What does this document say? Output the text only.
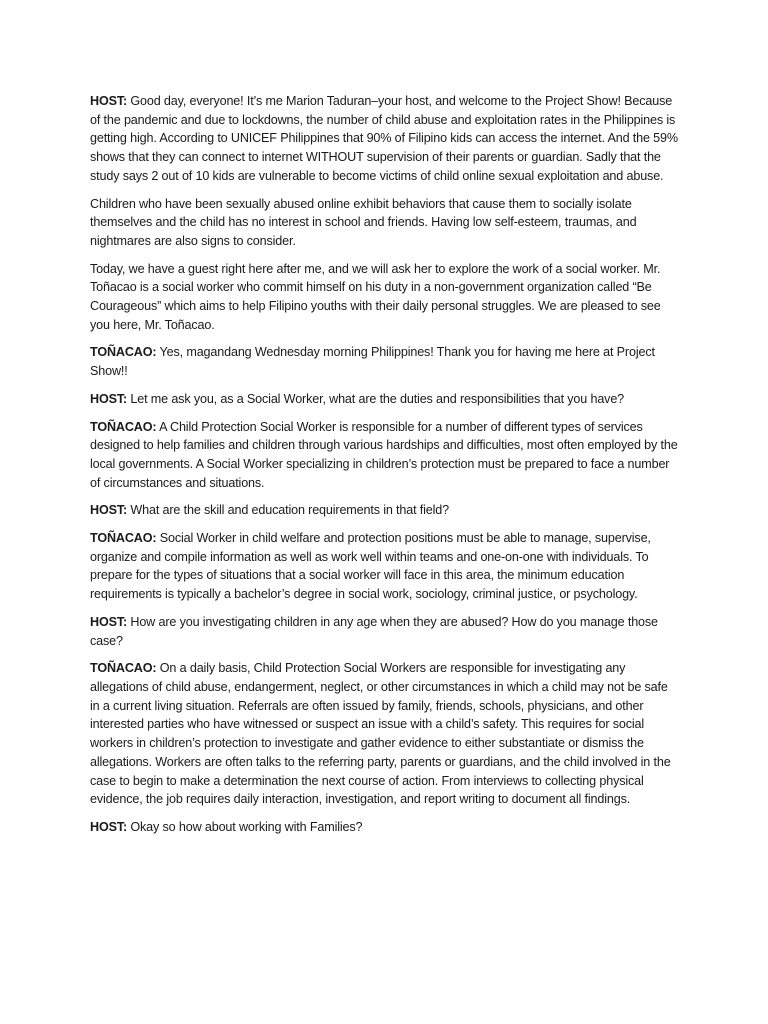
HOST: Good day, everyone! It’s me Marion Taduran–your host, and welcome to the Project Show! Because of the pandemic and due to lockdowns, the number of child abuse and exploitation rates in the Philippines is getting high. According to UNICEF Philippines that 90% of Filipino kids can access the internet. And the 59% shows that they can connect to internet WITHOUT supervision of their parents or guardian. Sadly that the study says 2 out of 10 kids are vulnerable to become victims of child online sexual exploitation and abuse.

Children who have been sexually abused online exhibit behaviors that cause them to socially isolate themselves and the child has no interest in school and friends. Having low self-esteem, traumas, and nightmares are also signs to consider.

Today, we have a guest right here after me, and we will ask her to explore the work of a social worker. Mr. Toñacao is a social worker who commit himself on his duty in a non-government organization called “Be Courageous” which aims to help Filipino youths with their daily personal struggles. We are pleased to see you here, Mr. Toñacao.

TOÑACAO: Yes, magandang Wednesday morning Philippines! Thank you for having me here at Project Show!!

HOST: Let me ask you, as a Social Worker, what are the duties and responsibilities that you have?

TOÑACAO: A Child Protection Social Worker is responsible for a number of different types of services designed to help families and children through various hardships and difficulties, most often employed by the local governments. A Social Worker specializing in children’s protection must be prepared to face a number of circumstances and situations.

HOST: What are the skill and education requirements in that field?

TOÑACAO: Social Worker in child welfare and protection positions must be able to manage, supervise, organize and compile information as well as work well within teams and one-on-one with individuals. To prepare for the types of situations that a social worker will face in this area, the minimum education requirements is typically a bachelor’s degree in social work, sociology, criminal justice, or psychology.

HOST: How are you investigating children in any age when they are abused? How do you manage those case?

TOÑACAO: On a daily basis, Child Protection Social Workers are responsible for investigating any allegations of child abuse, endangerment, neglect, or other circumstances in which a child may not be safe in a current living situation. Referrals are often issued by family, friends, schools, physicians, and other interested parties who have witnessed or suspect an issue with a child’s safety. This requires for social workers in children’s protection to investigate and gather evidence to either substantiate or dismiss the allegations. Workers are often talks to the referring party, parents or guardians, and the child involved in the case to begin to make a determination the next course of action. From interviews to collecting physical evidence, the job requires daily interaction, investigation, and report writing to document all findings.

HOST: Okay so how about working with Families?
